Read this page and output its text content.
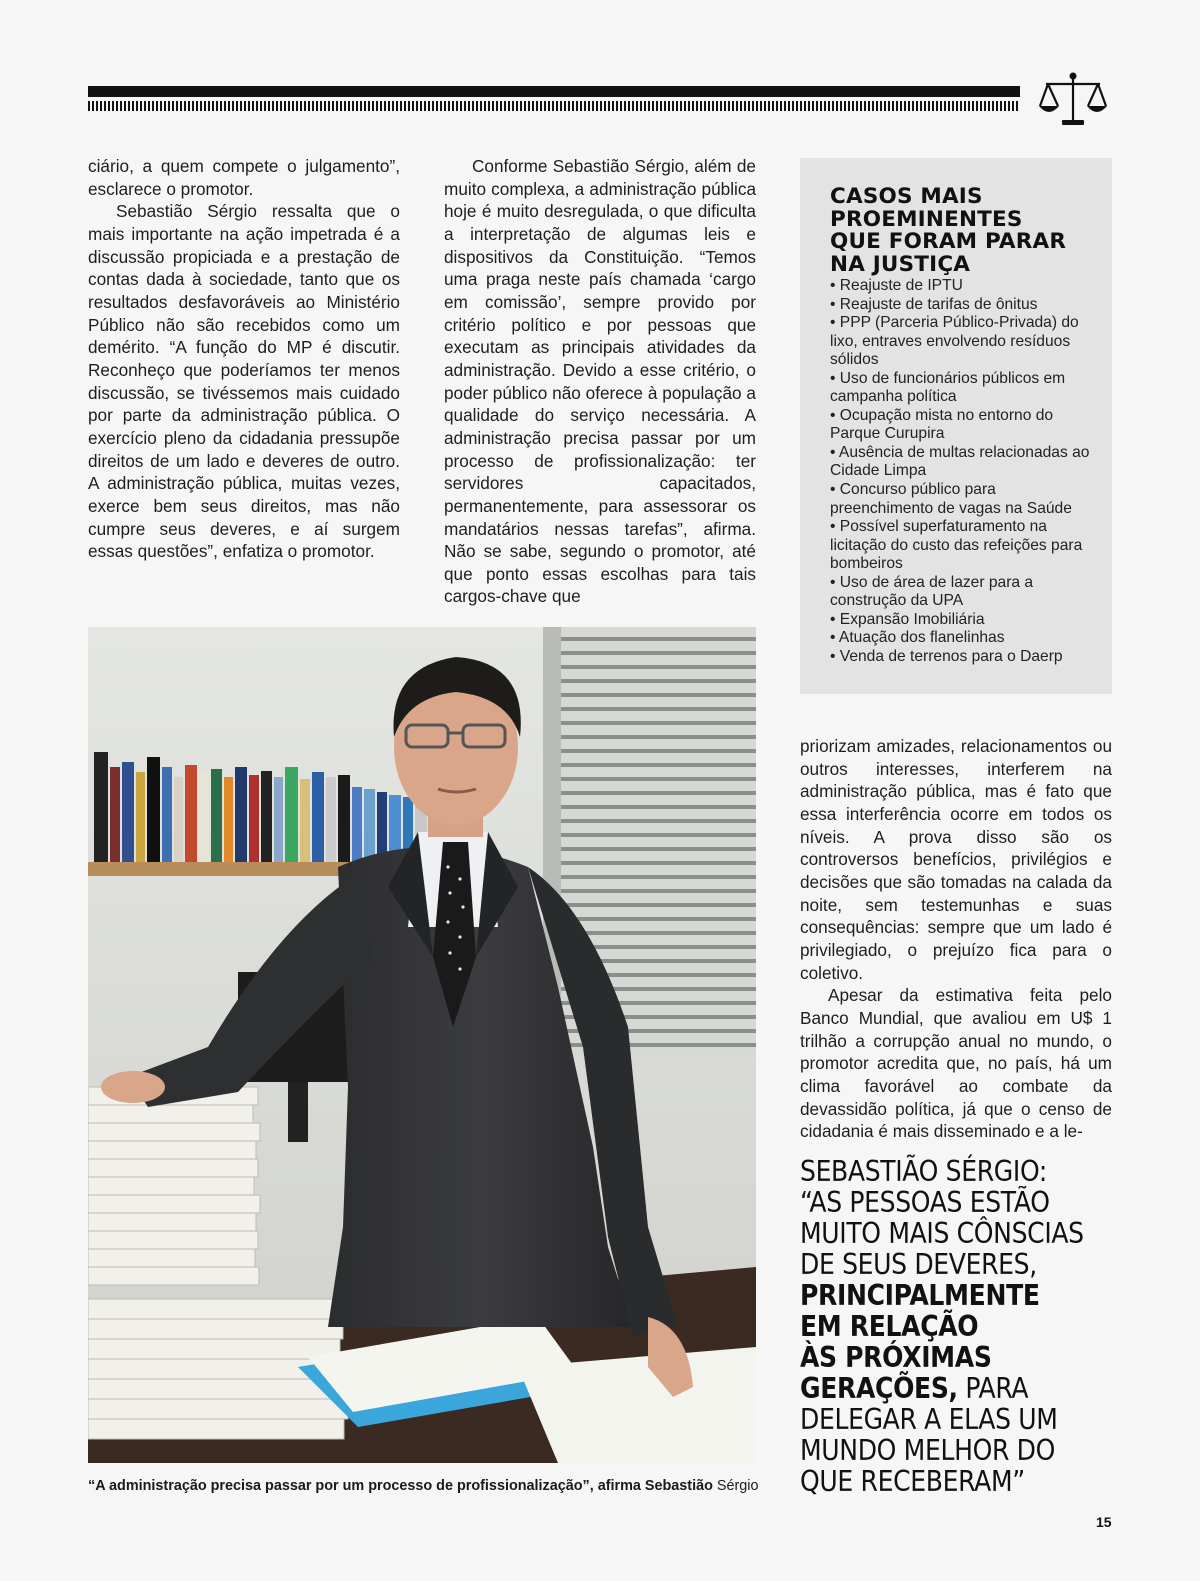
ciário, a quem compete o julgamento”, esclarece o promotor.

Sebastião Sérgio ressalta que o mais importante na ação impetrada é a discussão propiciada e a prestação de contas dada à sociedade, tanto que os resultados desfavoráveis ao Ministério Público não são recebidos como um demérito. “A função do MP é discutir. Reconheço que poderíamos ter menos discussão, se tivéssemos mais cuidado por parte da administração pública. O exercício pleno da cidadania pressupõe direitos de um lado e deveres de outro. A administração pública, muitas vezes, exerce bem seus direitos, mas não cumpre seus deveres, e aí surgem essas questões”, enfatiza o promotor.

Conforme Sebastião Sérgio, além de muito complexa, a administração pública hoje é muito desregulada, o que dificulta a interpretação de algumas leis e dispositivos da Constituição. “Temos uma praga neste país chamada ‘cargo em comissão’, sempre provido por critério político e por pessoas que executam as principais atividades da administração. Devido a esse critério, o poder público não oferece à população a qualidade do serviço necessária. A administração precisa passar por um processo de profissionalização: ter servidores capacitados, permanentemente, para assessorar os mandatários nessas tarefas”, afirma. Não se sabe, segundo o promotor, até que ponto essas escolhas para tais cargos-chave que

CASOS MAIS
PROEMINENTES
QUE FORAM PARAR
NA JUSTIÇA
• Reajuste de IPTU
• Reajuste de tarifas de ônitus
• PPP (Parceria Público-Privada) do lixo, entraves envolvendo resíduos sólidos
• Uso de funcionários públicos em campanha política
• Ocupação mista no entorno do Parque Curupira
• Ausência de multas relacionadas ao Cidade Limpa
• Concurso público para preenchimento de vagas na Saúde
• Possível superfaturamento na licitação do custo das refeições para bombeiros
• Uso de área de lazer para a construção da UPA
• Expansão Imobiliária
• Atuação dos flanelinhas
• Venda de terrenos para o Daerp

priorizam amizades, relacionamentos ou outros interesses, interferem na administração pública, mas é fato que essa interferência ocorre em todos os níveis. A prova disso são os controversos benefícios, privilégios e decisões que são tomadas na calada da noite, sem testemunhas e suas consequências: sempre que um lado é privilegiado, o prejuízo fica para o coletivo.

Apesar da estimativa feita pelo Banco Mundial, que avaliou em U$ 1 trilhão a corrupção anual no mundo, o promotor acredita que, no país, há um clima favorável ao combate da devassidão política, já que o censo de cidadania é mais disseminado e a le-

“A administração precisa passar por um processo de profissionalização”, afirma Sebastião Sérgio
SEBASTIÃO SÉRGIO:
“AS PESSOAS ESTÃO
MUITO MAIS CÔNSCIAS
DE SEUS DEVERES,
PRINCIPALMENTE
EM RELAÇÃO
ÀS PRÓXIMAS
GERAÇÕES, PARA
DELEGAR A ELAS UM
MUNDO MELHOR DO
QUE RECEBERAM”
15
